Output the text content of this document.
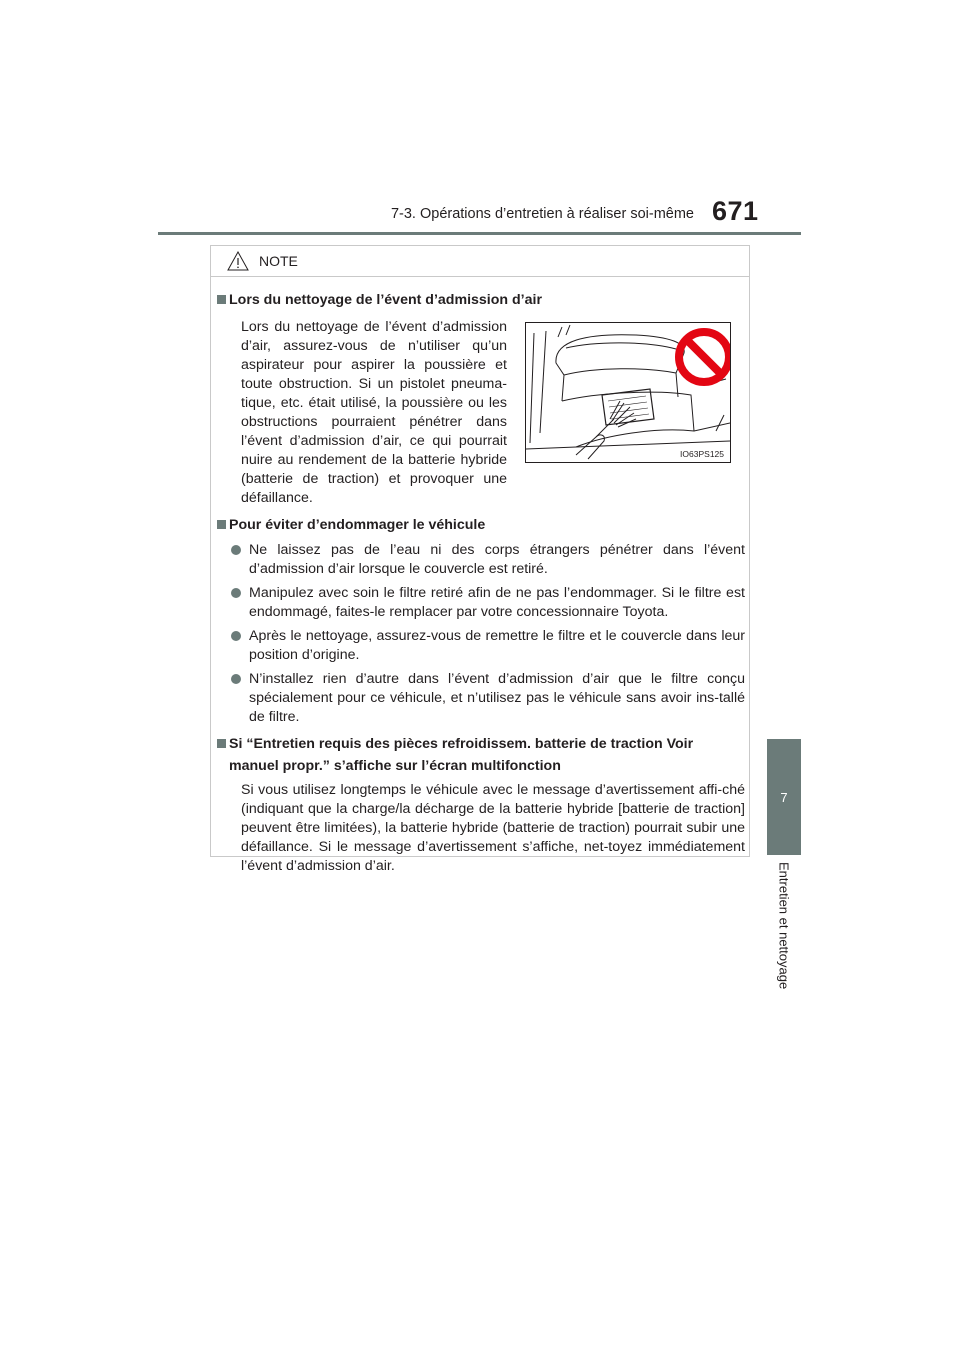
7-3. Opérations d’entretien à réaliser soi-même 671
7
Entretien et nettoyage
NOTE
Lors du nettoyage de l’évent d’admission d’air
Lors du nettoyage de l’évent d’admission d’air, assurez-vous de n’utiliser qu’un aspirateur pour aspirer la poussière et toute obstruction. Si un pistolet pneuma-tique, etc. était utilisé, la poussière ou les obstructions pourraient pénétrer dans l’évent d’admission d’air, ce qui pourrait nuire au rendement de la batterie hybride (batterie de traction) et provoquer une défaillance.
IO63PS125
Pour éviter d’endommager le véhicule
Ne laissez pas de l’eau ni des corps étrangers pénétrer dans l’évent d’admission d’air lorsque le couvercle est retiré.
Manipulez avec soin le filtre retiré afin de ne pas l’endommager. Si le filtre est endommagé, faites-le remplacer par votre concessionnaire Toyota.
Après le nettoyage, assurez-vous de remettre le filtre et le couvercle dans leur position d’origine.
N’installez rien d’autre dans l’évent d’admission d’air que le filtre conçu spécialement pour ce véhicule, et n’utilisez pas le véhicule sans avoir ins-tallé de filtre.
Si “Entretien requis des pièces refroidissem. batterie de traction Voir manuel propr.” s’affiche sur l’écran multifonction
Si vous utilisez longtemps le véhicule avec le message d’avertissement affi-ché (indiquant que la charge/la décharge de la batterie hybride [batterie de traction] peuvent être limitées), la batterie hybride (batterie de traction) pourrait subir une défaillance. Si le message d’avertissement s’affiche, net-toyez immédiatement l’évent d’admission d’air.
